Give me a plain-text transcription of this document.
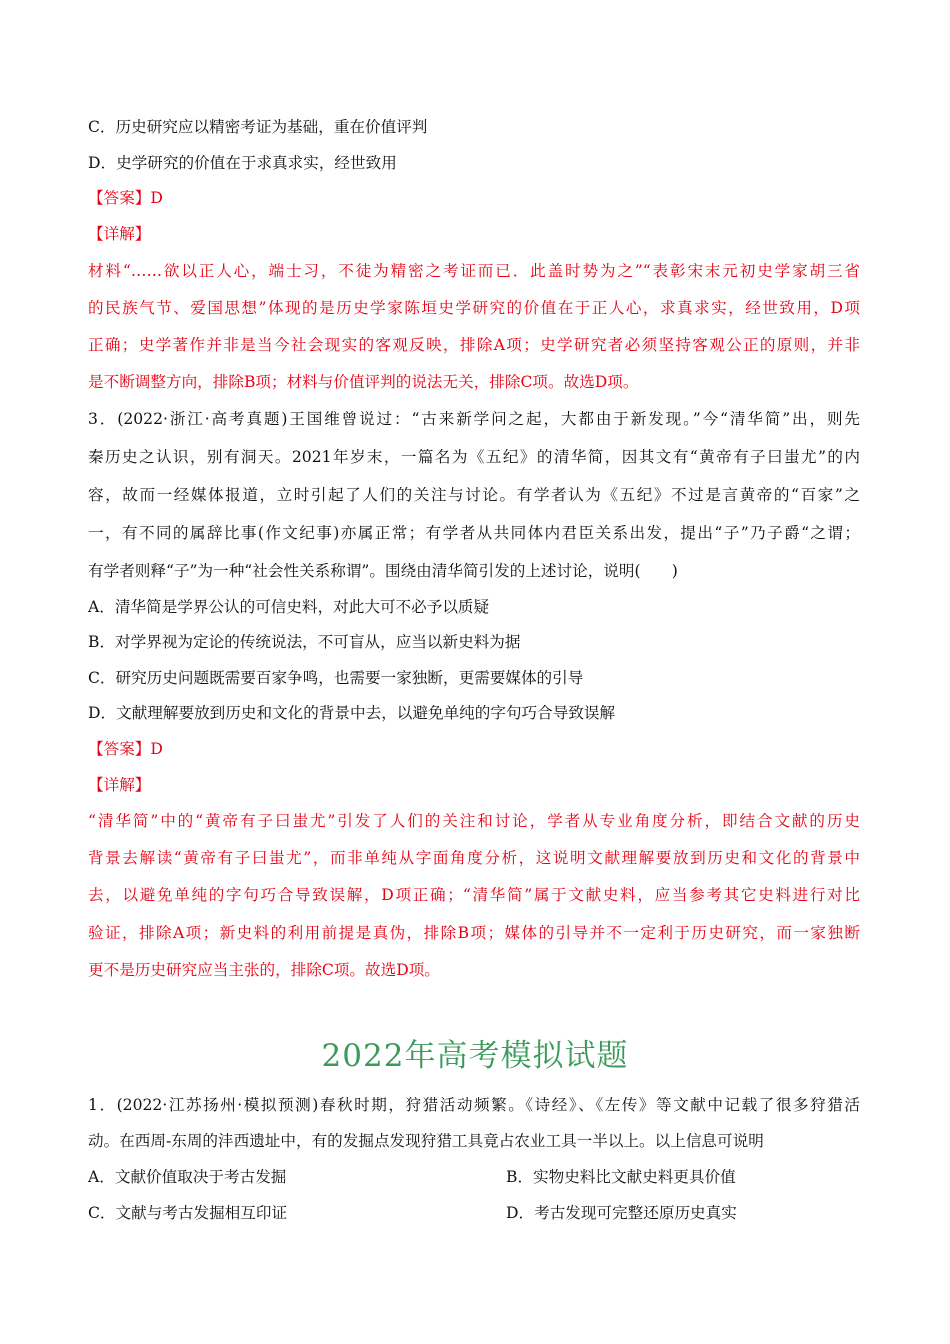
C．历史研究应以精密考证为基础，重在价值评判
D．史学研究的价值在于求真求实，经世致用
【答案】D
【详解】
材料“……欲以正人心，端士习，不徒为精密之考证而已．此盖时势为之”“表彰宋末元初史学家胡三省
的民族气节、爱国思想”体现的是历史学家陈垣史学研究的价值在于正人心，求真求实，经世致用，D项
正确；史学著作并非是当今社会现实的客观反映，排除A项；史学研究者必须坚持客观公正的原则，并非
是不断调整方向，排除B项；材料与价值评判的说法无关，排除C项。故选D项。
3．(2022·浙江·高考真题)王国维曾说过：“古来新学问之起，大都由于新发现。”今“清华简”出，则先
秦历史之认识，别有洞天。2021年岁末，一篇名为《五纪》的清华简，因其文有“黄帝有子曰蚩尤”的内
容，故而一经媒体报道，立时引起了人们的关注与讨论。有学者认为《五纪》不过是言黄帝的“百家”之
一，有不同的属辞比事(作文纪事)亦属正常；有学者从共同体内君臣关系出发，提出“子”乃子爵“之谓；
有学者则释“子”为一种“社会性关系称谓”。围绕由清华简引发的上述讨论，说明(　　)
A．清华简是学界公认的可信史料，对此大可不必予以质疑
B．对学界视为定论的传统说法，不可盲从，应当以新史料为据
C．研究历史问题既需要百家争鸣，也需要一家独断，更需要媒体的引导
D．文献理解要放到历史和文化的背景中去，以避免单纯的字句巧合导致误解
【答案】D
【详解】
“清华简”中的“黄帝有子曰蚩尤”引发了人们的关注和讨论，学者从专业角度分析，即结合文献的历史
背景去解读“黄帝有子曰蚩尤”，而非单纯从字面角度分析，这说明文献理解要放到历史和文化的背景中
去，以避免单纯的字句巧合导致误解，D项正确；“清华简”属于文献史料，应当参考其它史料进行对比
验证，排除A项；新史料的利用前提是真伪，排除B项；媒体的引导并不一定利于历史研究，而一家独断
更不是历史研究应当主张的，排除C项。故选D项。
2022年高考模拟试题
1．(2022·江苏扬州·模拟预测)春秋时期，狩猎活动频繁。《诗经》、《左传》等文献中记载了很多狩猎活
动。在西周-东周的沣西遗址中，有的发掘点发现狩猎工具竟占农业工具一半以上。以上信息可说明
A．文献价值取决于考古发掘	B．实物史料比文献史料更具价值
C．文献与考古发掘相互印证	D．考古发现可完整还原历史真实
